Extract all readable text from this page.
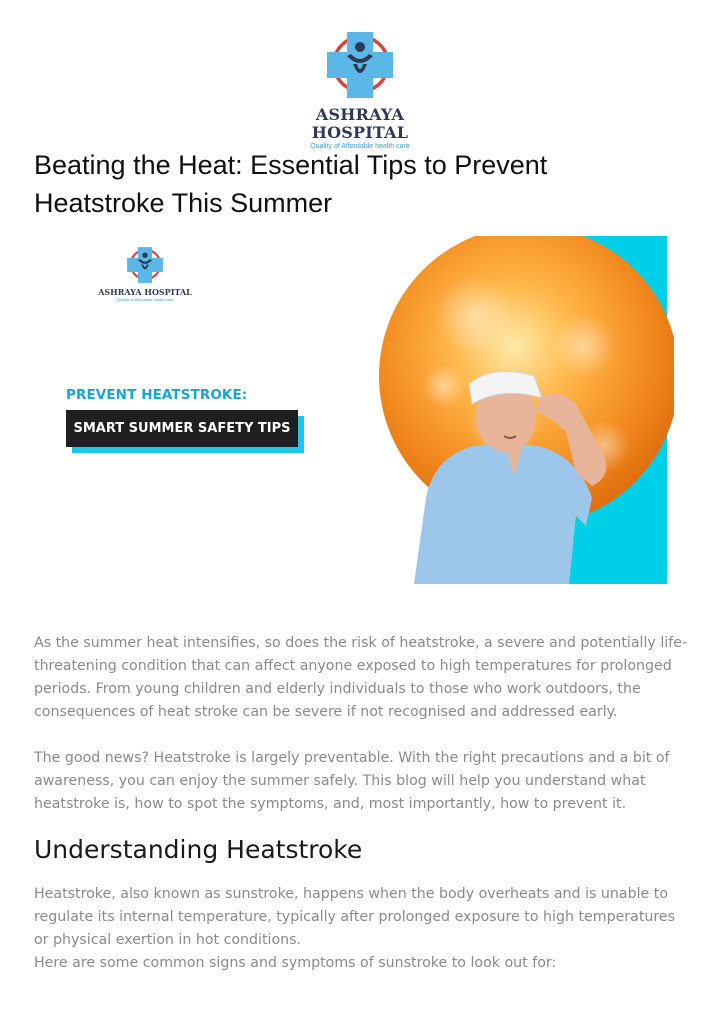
ASHRAYA HOSPITAL
Quality of Affordable health care
Beating the Heat: Essential Tips to Prevent Heatstroke This Summer
ASHRAYA HOSPITAL
Quality of Affordable health care
PREVENT HEATSTROKE:
SMART SUMMER SAFETY TIPS

As the summer heat intensifies, so does the risk of heatstroke, a severe and potentially life-threatening condition that can affect anyone exposed to high temperatures for prolonged periods. From young children and elderly individuals to those who work outdoors, the consequences of heat stroke can be severe if not recognised and addressed early.

The good news? Heatstroke is largely preventable. With the right precautions and a bit of awareness, you can enjoy the summer safely. This blog will help you understand what heatstroke is, how to spot the symptoms, and, most importantly, how to prevent it.

Understanding Heatstroke

Heatstroke, also known as sunstroke, happens when the body overheats and is unable to regulate its internal temperature, typically after prolonged exposure to high temperatures or physical exertion in hot conditions.

Here are some common signs and symptoms of sunstroke to look out for:
